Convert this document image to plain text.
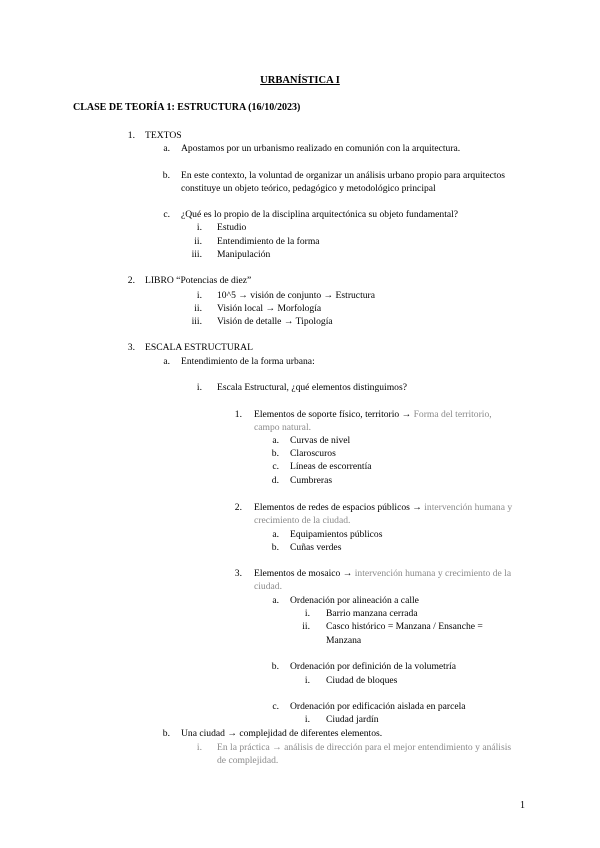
URBANÍSTICA I
CLASE DE TEORÍA 1: ESTRUCTURA (16/10/2023)
1. TEXTOS
a. Apostamos por un urbanismo realizado en comunión con la arquitectura.
b. En este contexto, la voluntad de organizar un análisis urbano propio para arquitectos
constituye un objeto teórico, pedagógico y metodológico principal
c. ¿Qué es lo propio de la disciplina arquitectónica su objeto fundamental?
i. Estudio
ii. Entendimiento de la forma
iii. Manipulación
2. LIBRO “Potencias de diez”
i. 10^5 → visión de conjunto → Estructura
ii. Visión local → Morfología
iii. Visión de detalle → Tipología
3. ESCALA ESTRUCTURAL
a. Entendimiento de la forma urbana:
i. Escala Estructural, ¿qué elementos distinguimos?
1. Elementos de soporte físico, territorio → Forma del territorio,
campo natural.
a. Curvas de nivel
b. Claroscuros
c. Líneas de escorrentía
d. Cumbreras
2. Elementos de redes de espacios públicos → intervención humana y
crecimiento de la ciudad.
a. Equipamientos públicos
b. Cuñas verdes
3. Elementos de mosaico → intervención humana y crecimiento de la
ciudad.
a. Ordenación por alineación a calle
i. Barrio manzana cerrada
ii. Casco histórico = Manzana / Ensanche =
Manzana
b. Ordenación por definición de la volumetría
i. Ciudad de bloques
c. Ordenación por edificación aislada en parcela
i. Ciudad jardín
b. Una ciudad → complejidad de diferentes elementos.
i. En la práctica → análisis de dirección para el mejor entendimiento y análisis
de complejidad.
1
